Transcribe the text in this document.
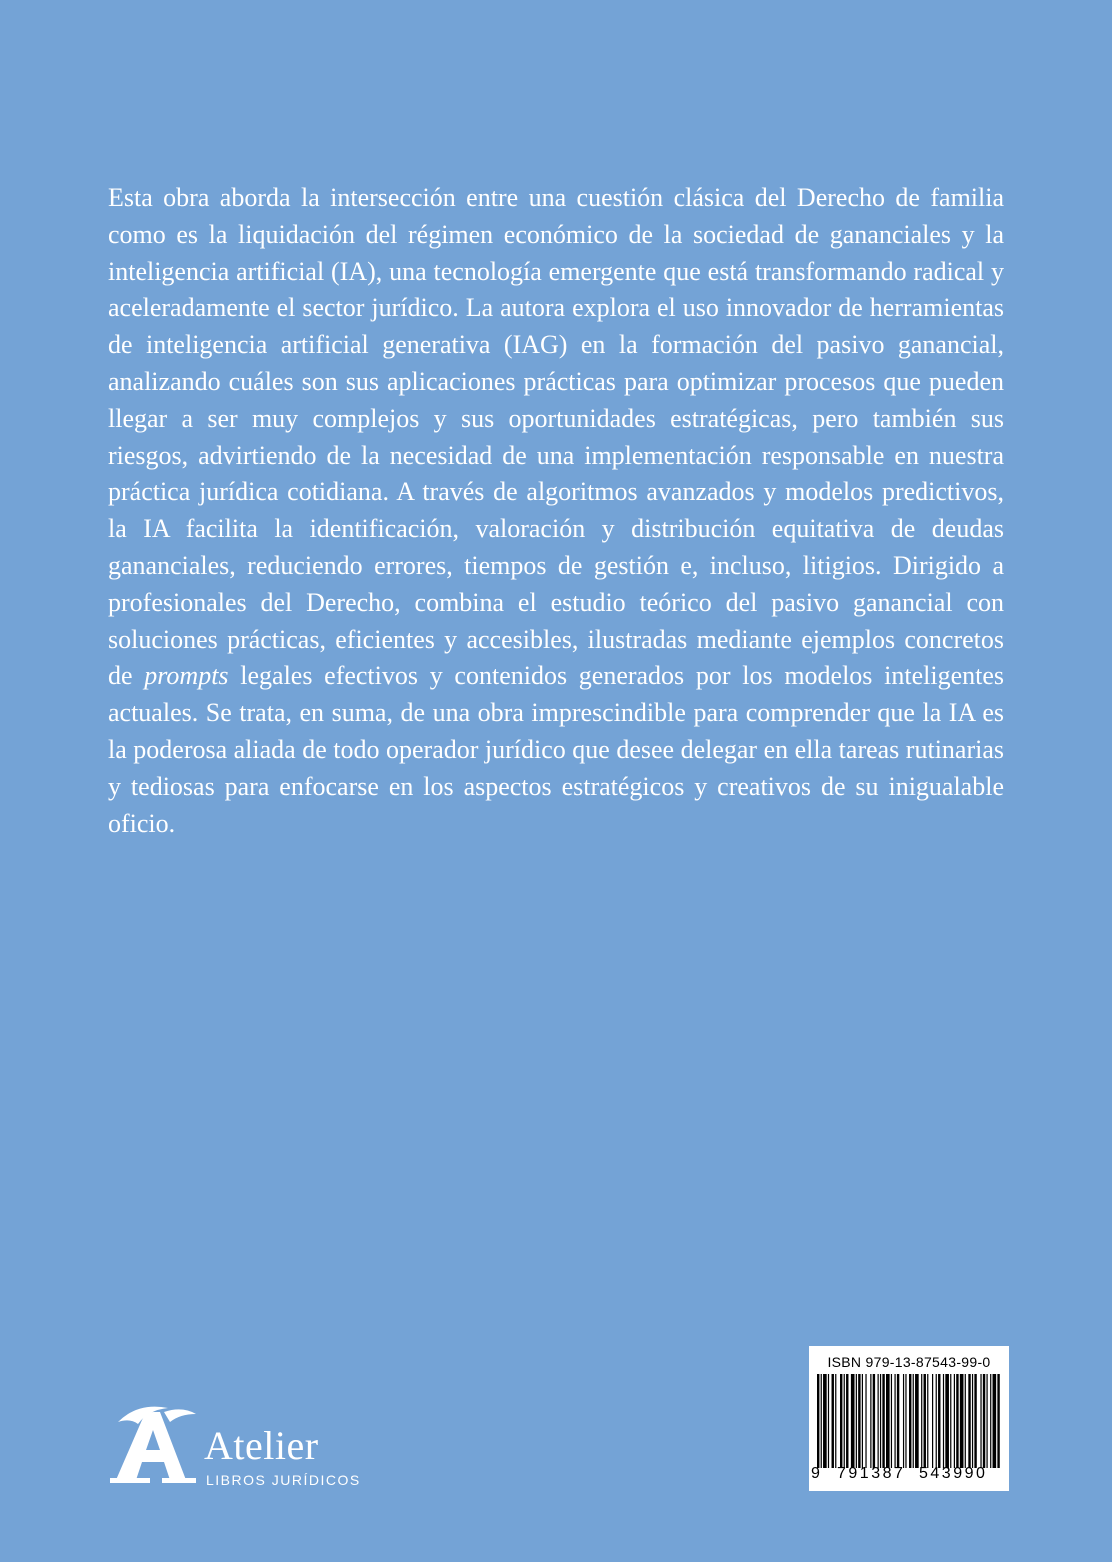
Esta obra aborda la intersección entre una cuestión clásica del Derecho de familia como es la liquidación del régimen económico de la sociedad de gananciales y la inteligencia artificial (IA), una tecnología emergente que está transformando radical y aceleradamente el sector jurídico. La autora explora el uso innovador de herramientas de inteligencia artificial generativa (IAG) en la formación del pasivo ganancial, analizando cuáles son sus aplicaciones prácticas para optimizar procesos que pueden llegar a ser muy complejos y sus oportunidades estratégicas, pero también sus riesgos, advirtiendo de la necesidad de una implementación responsable en nuestra práctica jurídica cotidiana. A través de algoritmos avanzados y modelos predictivos, la IA facilita la identificación, valoración y distribución equitativa de deudas gananciales, reduciendo errores, tiempos de gestión e, incluso, litigios. Dirigido a profesionales del Derecho, combina el estudio teórico del pasivo ganancial con soluciones prácticas, eficientes y accesibles, ilustradas mediante ejemplos concretos de prompts legales efectivos y contenidos generados por los modelos inteligentes actuales. Se trata, en suma, de una obra imprescindible para comprender que la IA es la poderosa aliada de todo operador jurídico que desee delegar en ella tareas rutinarias y tediosas para enfocarse en los aspectos estratégicos y creativos de su inigualable oficio.

Atelier
LIBROS JURÍDICOS
ISBN 979-13-87543-99-0
9 791387 543990
